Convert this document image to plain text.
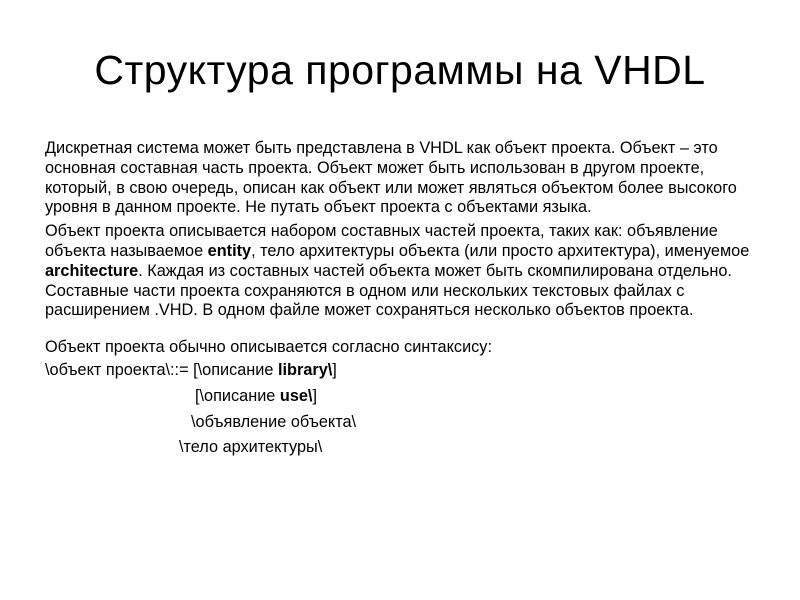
Структура программы на VHDL

Дискретная система может быть представлена в VHDL как объект проекта. Объект – это основная составная часть проекта. Объект может быть использован в другом проекте, который, в свою очередь, описан как объект или может являться объектом более высокого уровня в данном проекте. Не путать объект проекта с объектами языка.

Объект проекта описывается набором составных частей проекта, таких как: объявление объекта называемое entity, тело архитектуры объекта (или просто архитектура), именуемое architecture. Каждая из составных частей объекта может быть скомпилирована отдельно. Составные части проекта сохраняются в одном или нескольких текстовых файлах с расширением .VHD. В одном файле может сохраняться несколько объектов проекта.

Объект проекта обычно описывается согласно синтаксису:

\объект проекта\::= [\описание library\]

[\описание use\]

\объявление объекта\

\тело архитектуры\
